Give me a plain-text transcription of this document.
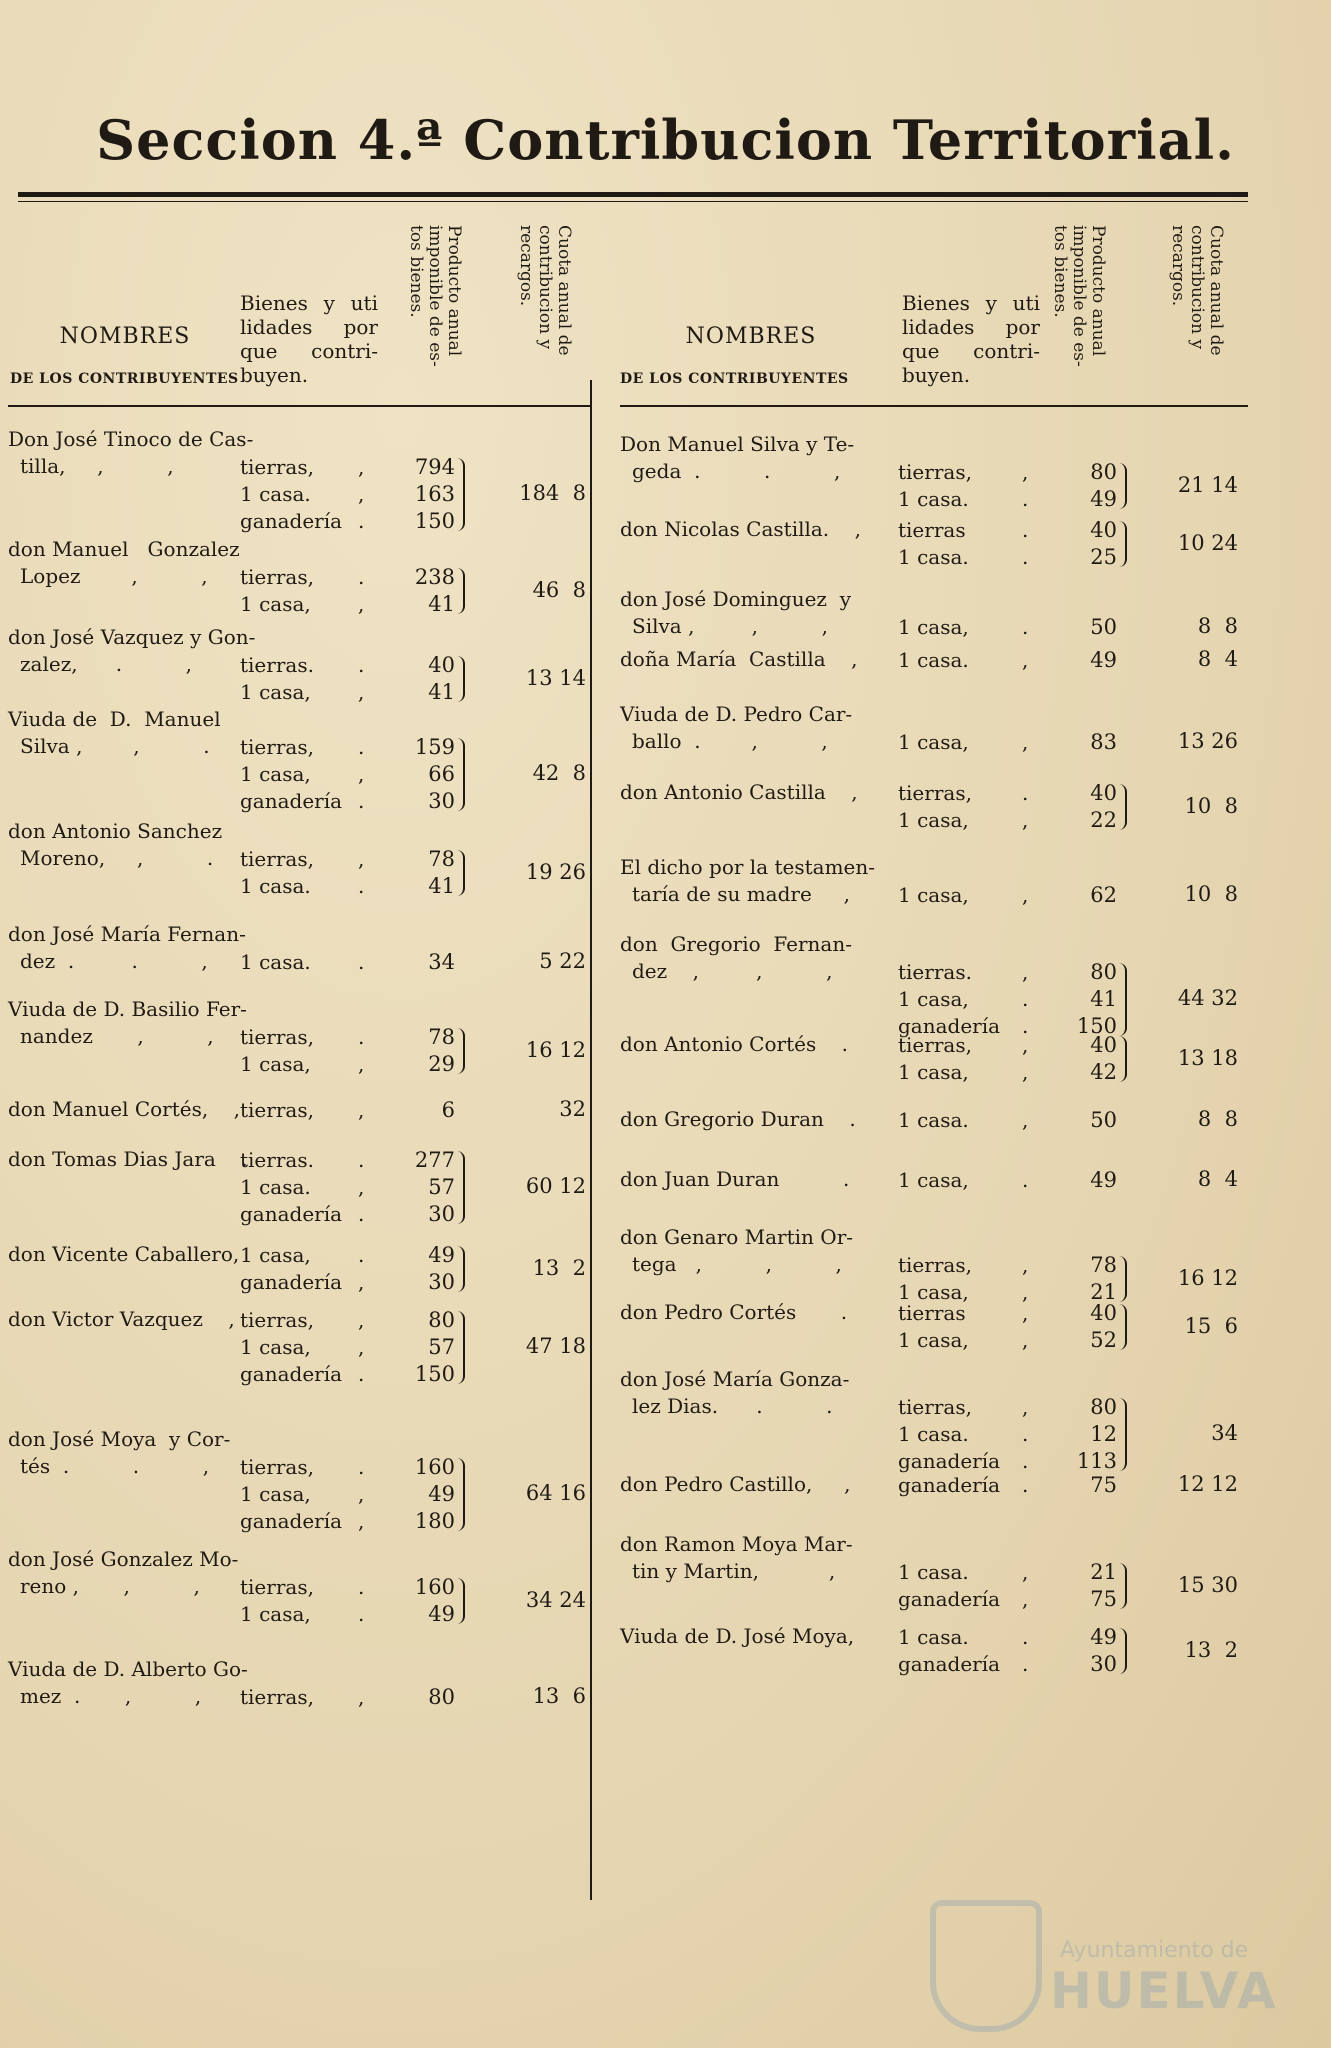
Seccion 4.ª Contribucion Territorial.
NOMBRES
DE LOS CONTRIBUYENTES
Bienes y uti lidades por que contri- buyen.
Producto anual imponible de es- tos bienes.	Cuota anual de contribucion y recargos.
Don José Tinoco de Cas-
tilla,     ,          ,	tierras, ,	794
1 casa. ,	163
ganadería .	150
184  8
don Manuel   Gonzalez
Lopez        ,          , tierras, .	238
1 casa, ,	41
46  8
don José Vazquez y Gon-
zalez,      .          , tierras. .	40
1 casa, ,	41
13 14
Viuda de  D.  Manuel
Silva ,        ,          . tierras, .	159
1 casa, ,	66
ganadería .	30
42  8
don Antonio Sanchez
Moreno,     ,          . tierras, ,	78
1 casa. .	41
19 26
don José María Fernan-
dez  .         .          , 1 casa. .	34	5 22
Viuda de D. Basilio Fer-
nandez       ,          , tierras, .	78
1 casa, ,	29
16 12
don Manuel Cortés,    , tierras, ,	6	32
don Tomas Dias Jara    .
tierras. .	277
1 casa. ,	57
ganadería .	30
60 12
don Vicente Caballero, 1 casa, .	49
ganadería ,	30
13  2
don Victor Vazquez    , tierras, ,	80
1 casa, ,	57
ganadería .	150
47 18
don José Moya  y Cor-
tés  .          .          , tierras, .	160
1 casa, ,	49
ganadería ,	180
64 16
don José Gonzalez Mo-
reno ,       ,          , tierras, .	160
1 casa, .	49
34 24
Viuda de D. Alberto Go-
mez  .       ,          , tierras, ,	80	13  6
NOMBRES
DE LOS CONTRIBUYENTES
Bienes y uti lidades por que contri- buyen.
Producto anual imponible de es- tos bienes.	Cuota anual de contribucion y recargos.
Don Manuel Silva y Te-
geda  .          .          ,	tierras,	,	80
1 casa.	.	49
21 14
don Nicolas Castilla.    , tierras	.	40
1 casa.	.	25
10 24
don José Dominguez  y
Silva ,         ,          ,	1 casa,	.	50	8  8
doña María  Castilla    , 1 casa.	,	49	8  4
Viuda de D. Pedro Car-
ballo  .        ,          ,	1 casa,	,	83	13 26
don Antonio Castilla    , tierras,	.	40
1 casa,	,	22
10  8
El dicho por la testamen-
taría de su madre     , 1 casa,	,	62	10  8
don  Gregorio  Fernan-
dez    ,         ,          ,	tierras.	,	80
1 casa,	.	41
ganadería .	150
44 32
don Antonio Cortés    .	tierras,	,	40
1 casa,	,	42
13 18
don Gregorio Duran    . 1 casa.	,	50	8  8
don Juan Duran          . 1 casa,	.	49	8  4
don Genaro Martin Or-
tega   ,          ,          ,	tierras,	,	78
1 casa,	,	21
16 12
don Pedro Cortés       .	tierras	,	40
1 casa,	,	52
15  6
don José María Gonza-
lez Dias.      .          .	tierras,	,	80
1 casa.	.	12
ganadería .	113
34
don Pedro Castillo,     , ganadería .	75	12 12
don Ramon Moya Mar-
tin y Martin,           ,	1 casa.	,	21
ganadería ,	75
15 30
Viuda de D. José Moya, 1 casa.	.	49
ganadería .	30
13  2
Ayuntamiento de
HUELVA
